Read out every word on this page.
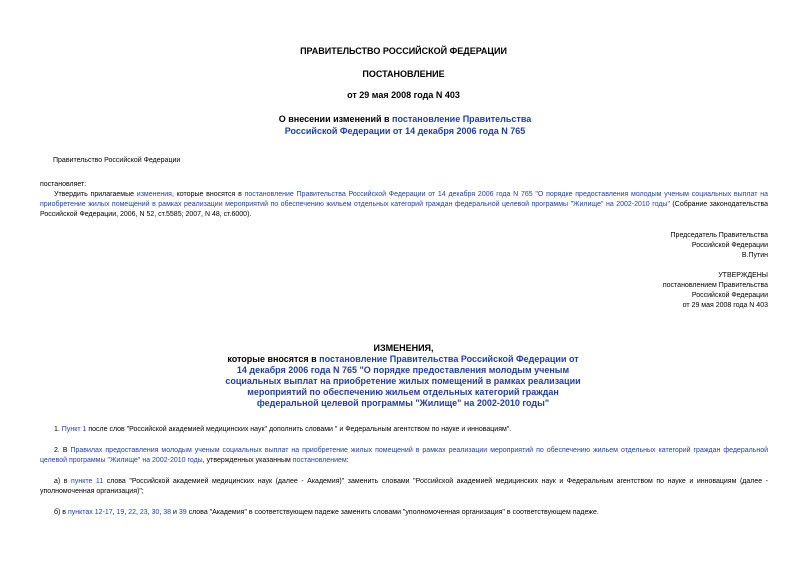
ПРАВИТЕЛЬСТВО РОССИЙСКОЙ ФЕДЕРАЦИИ
ПОСТАНОВЛЕНИЕ
от 29 мая 2008 года N 403
О внесении изменений в постановление Правительства Российской Федерации от 14 декабря 2006 года N 765
Правительство Российской Федерации
постановляет:
Утвердить прилагаемые изменения, которые вносятся в постановление Правительства Российской Федерации от 14 декабря 2006 года N 765 "О порядке предоставления молодым ученым социальных выплат на приобретение жилых помещений в рамках реализации мероприятий по обеспечению жильем отдельных категорий граждан федеральной целевой программы "Жилище" на 2002-2010 годы" (Собрание законодательства Российской Федерации, 2006, N 52, ст.5585; 2007, N 48, ст.6000).
Председатель Правительства
Российской Федерации
В.Путин
УТВЕРЖДЕНЫ
постановлением Правительства
Российской Федерации
от 29 мая 2008 года N 403
ИЗМЕНЕНИЯ,
которые вносятся в постановление Правительства Российской Федерации от 14 декабря 2006 года N 765 "О порядке предоставления молодым ученым социальных выплат на приобретение жилых помещений в рамках реализации мероприятий по обеспечению жильем отдельных категорий граждан федеральной целевой программы "Жилище" на 2002-2010 годы"
1. Пункт 1 после слов "Российской академией медицинских наук" дополнить словами " и Федеральным агентством по науке и инновациям".
2. В Правилах предоставления молодым ученым социальных выплат на приобретение жилых помещений в рамках реализации мероприятий по обеспечению жильем отдельных категорий граждан федеральной целевой программы "Жилище" на 2002-2010 годы, утвержденных указанным постановлением:
а) в пункте 11 слова "Российской академией медицинских наук (далее - Академия)" заменить словами "Российской академией медицинских наук и Федеральным агентством по науке и инновациям (далее - уполномоченная организация)";
б) в пунктах 12-17, 19, 22, 23, 30, 38 и 39 слова "Академия" в соответствующем падеже заменить словами "уполномоченная организация" в соответствующем падеже.
